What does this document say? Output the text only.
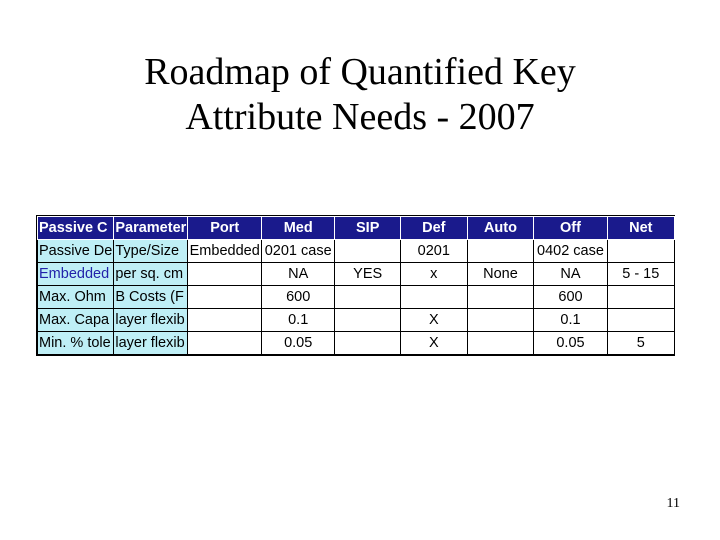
Roadmap of Quantified Key
Attribute Needs - 2007
Passive C	Parameter	Port	Med	SIP	Def	Auto	Off	Net
Passive De	Type/Size	Embedded	0201 case		0201		0402 case	
Embedded	per sq. cm		NA	YES	x	None	NA	5 - 15
Max. Ohm	B Costs (F		600				600	
Max. Capa	layer flexib		0.1		X		0.1	
Min. % tole	layer flexib		0.05		X		0.05	5
11
